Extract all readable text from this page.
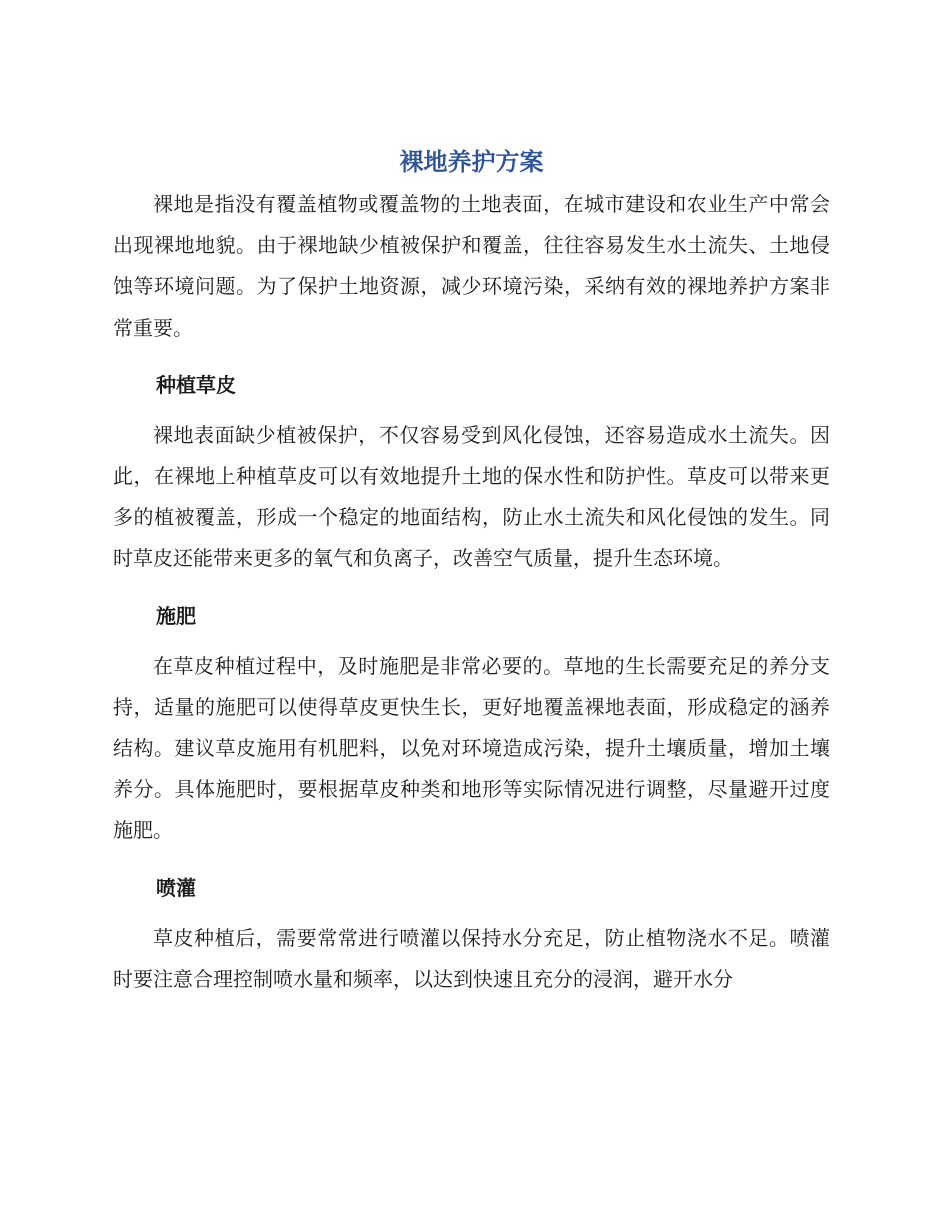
裸地养护方案

裸地是指没有覆盖植物或覆盖物的土地表面，在城市建设和农业生产中常会出现裸地地貌。由于裸地缺少植被保护和覆盖，往往容易发生水土流失、土地侵蚀等环境问题。为了保护土地资源，减少环境污染，采纳有效的裸地养护方案非常重要。

种植草皮

裸地表面缺少植被保护，不仅容易受到风化侵蚀，还容易造成水土流失。因此，在裸地上种植草皮可以有效地提升土地的保水性和防护性。草皮可以带来更多的植被覆盖，形成一个稳定的地面结构，防止水土流失和风化侵蚀的发生。同时草皮还能带来更多的氧气和负离子，改善空气质量，提升生态环境。

施肥

在草皮种植过程中，及时施肥是非常必要的。草地的生长需要充足的养分支持，适量的施肥可以使得草皮更快生长，更好地覆盖裸地表面，形成稳定的涵养结构。建议草皮施用有机肥料，以免对环境造成污染，提升土壤质量，增加土壤养分。具体施肥时，要根据草皮种类和地形等实际情况进行调整，尽量避开过度施肥。

喷灌

草皮种植后，需要常常进行喷灌以保持水分充足，防止植物浇水不足。喷灌时要注意合理控制喷水量和频率，以达到快速且充分的浸润，避开水分
